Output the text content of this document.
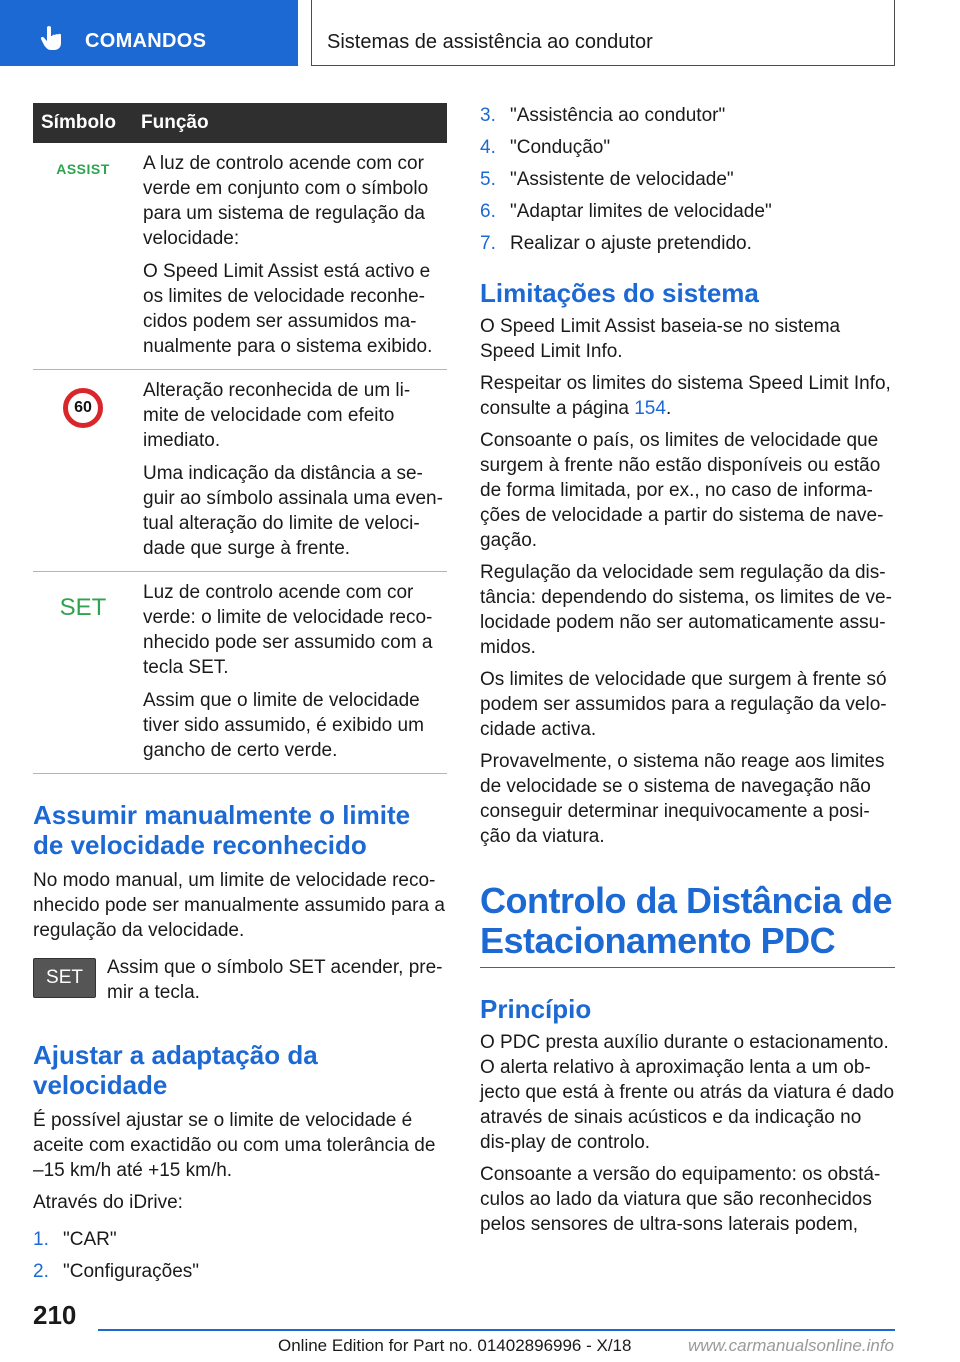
COMANDOS	Sistemas de assistência ao condutor
Símbolo	Função
ASSIST	A luz de controlo acende com cor verde em conjunto com o símbolo para um sistema de regulação da velocidade:

O Speed Limit Assist está activo e os limites de velocidade reconhe-cidos podem ser assumidos ma-nualmente para o sistema exibido.

60	Alteração reconhecida de um li-mite de velocidade com efeito imediato.

Uma indicação da distância a se-guir ao símbolo assinala uma even-tual alteração do limite de veloci-dade que surge à frente.

SET	Luz de controlo acende com cor verde: o limite de velocidade reco-nhecido pode ser assumido com a tecla SET.

Assim que o limite de velocidade tiver sido assumido, é exibido um gancho de certo verde.

Assumir manualmente o limite de velocidade reconhecido

No modo manual, um limite de velocidade reco-nhecido pode ser manualmente assumido para a regulação da velocidade.

SET	Assim que o símbolo SET acender, pre-mir a tecla.

Ajustar a adaptação da velocidade

É possível ajustar se o limite de velocidade é aceite com exactidão ou com uma tolerância de –15 km/h até +15 km/h.

Através do iDrive:

1. "CAR"
2. "Configurações"
3. "Assistência ao condutor"
4. "Condução"
5. "Assistente de velocidade"
6. "Adaptar limites de velocidade"
7. Realizar o ajuste pretendido.
Limitações do sistema

O Speed Limit Assist baseia-se no sistema Speed Limit Info.

Respeitar os limites do sistema Speed Limit Info, consulte a página 154.

Consoante o país, os limites de velocidade que surgem à frente não estão disponíveis ou estão de forma limitada, por ex., no caso de informa-ções de velocidade a partir do sistema de nave-gação.

Regulação da velocidade sem regulação da dis-tância: dependendo do sistema, os limites de ve-locidade podem não ser automaticamente assu-midos.

Os limites de velocidade que surgem à frente só podem ser assumidos para a regulação da velo-cidade activa.

Provavelmente, o sistema não reage aos limites de velocidade se o sistema de navegação não conseguir determinar inequivocamente a posi-ção da viatura.

Controlo da Distância de Estacionamento PDC
Princípio

O PDC presta auxílio durante o estacionamento. O alerta relativo à aproximação lenta a um ob-jecto que está à frente ou atrás da viatura é dado através de sinais acústicos e da indicação no dis-play de controlo.

Consoante a versão do equipamento: os obstá-culos ao lado da viatura que são reconhecidos pelos sensores de ultra-sons laterais podem,

210
Online Edition for Part no. 01402896996 - X/18	www.carmanualsonline.info
